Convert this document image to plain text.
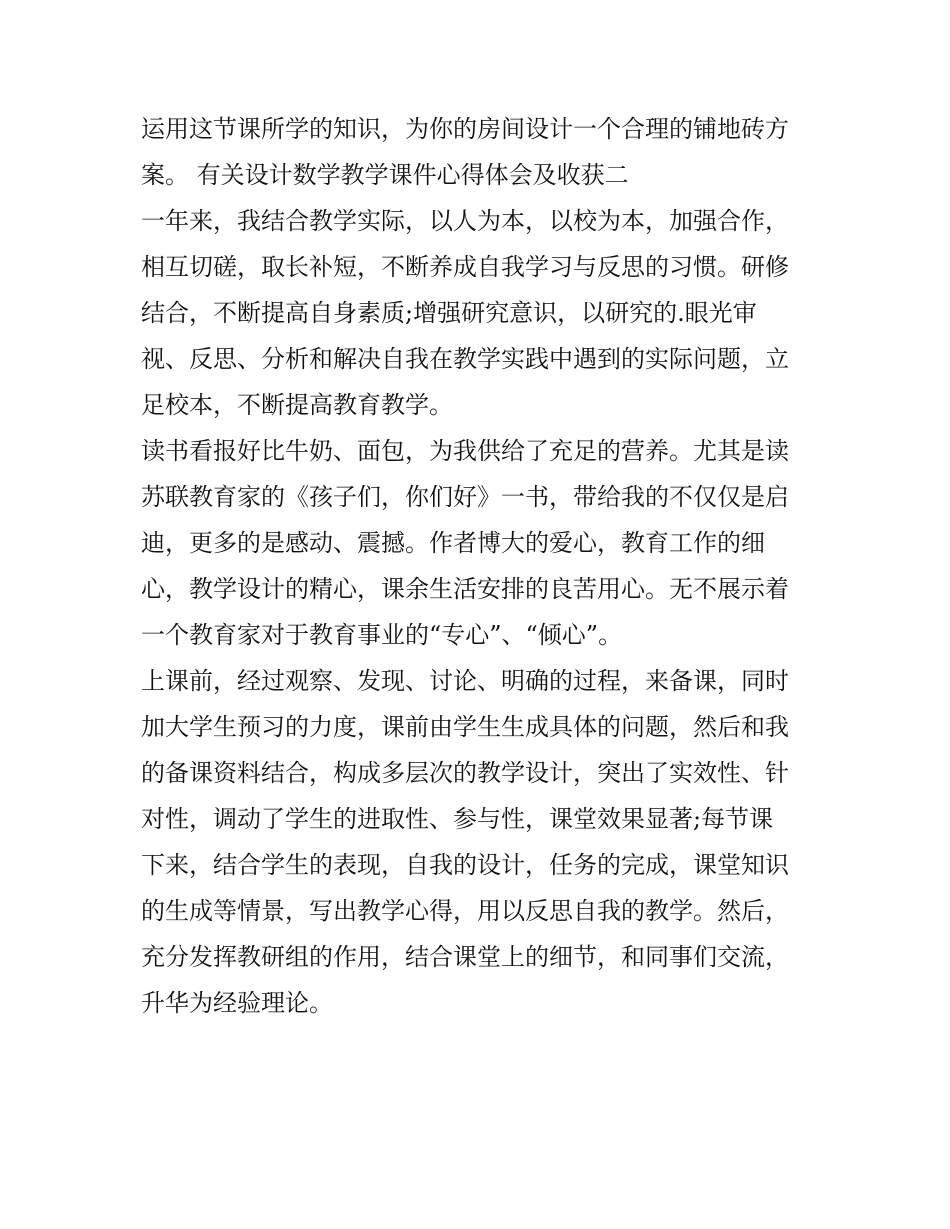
运用这节课所学的知识，为你的房间设计一个合理的铺地砖方
案。 有关设计数学教学课件心得体会及收获二
一年来，我结合教学实际，以人为本，以校为本，加强合作，
相互切磋，取长补短，不断养成自我学习与反思的习惯。研修
结合，不断提高自身素质;增强研究意识，以研究的.眼光审
视、反思、分析和解决自我在教学实践中遇到的实际问题，立
足校本，不断提高教育教学。
读书看报好比牛奶、面包，为我供给了充足的营养。尤其是读
苏联教育家的《孩子们，你们好》一书，带给我的不仅仅是启
迪，更多的是感动、震撼。作者博大的爱心，教育工作的细
心，教学设计的精心，课余生活安排的良苦用心。无不展示着
一个教育家对于教育事业的“专心”、“倾心”。
上课前，经过观察、发现、讨论、明确的过程，来备课，同时
加大学生预习的力度，课前由学生生成具体的问题，然后和我
的备课资料结合，构成多层次的教学设计，突出了实效性、针
对性，调动了学生的进取性、参与性，课堂效果显著;每节课
下来，结合学生的表现，自我的设计，任务的完成，课堂知识
的生成等情景，写出教学心得，用以反思自我的教学。然后，
充分发挥教研组的作用，结合课堂上的细节，和同事们交流，
升华为经验理论。
